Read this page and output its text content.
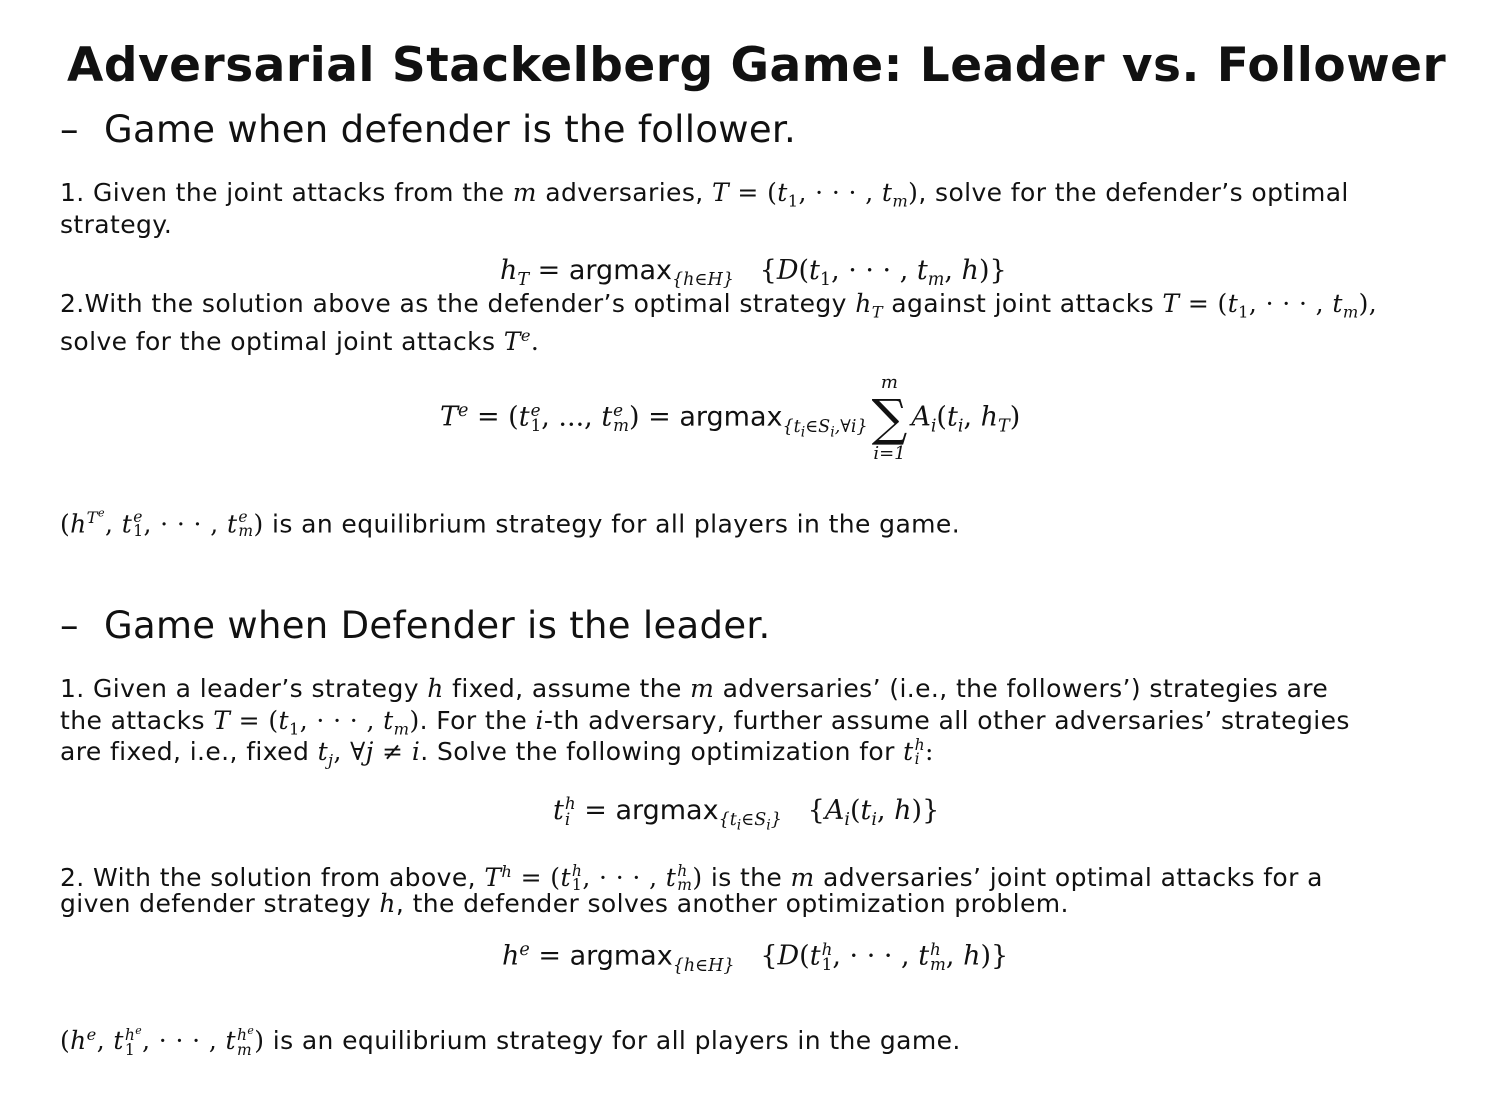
Adversarial Stackelberg Game: Leader vs. Follower
– Game when defender is the follower.
1. Given the joint attacks from the m adversaries, $T = (t_1$, · · · , $t_m$), solve for the defender’s optimal
strategy.
$h_T = argmax_{\{h\in H\}}$   {$D(t_1$, · · · , $t_m$, h)}
2.With the solution above as the defender’s optimal strategy $h_T$ against joint attacks $T = (t_1$, · · · , $t_m$),
solve for the optimal joint attacks $T^e$.
$T^e = (t$ e
1 , ..., t e
m ) = argmax$_{\{t_i\in S_i,\forall i\}}$
m
∑
i=1
$A_i(t_i$, $h_T$)
($h^{T^e}$, t e
1 , · · · , t e
m ) is an equilibrium strategy for all players in the game.
– Game when Defender is the leader.
1. Given a leader’s strategy h fixed, assume the m adversaries’ (i.e., the followers’) strategies are
the attacks $T = (t_1$, · · · , $t_m$). For the i-th adversary, further assume all other adversaries’ strategies
are fixed, i.e., fixed $t_j$, ∀j ≠ i. Solve the following optimization for t h
i :
t h
i = argmax$_{\{t_i\in S_i\}}$   {$A_i(t_i$, h)}
2. With the solution from above, $T^h = (t$ h
1 , · · · , t h
m ) is the m adversaries’ joint optimal attacks for a
given defender strategy h, the defender solves another optimization problem.
$h^e = argmax_{\{h\in H\}}$   {D(t h
1 , · · · , t h
m , h)}
($h^e$, t $h^e$
1 , · · · , t $h^e$
m ) is an equilibrium strategy for all players in the game.
